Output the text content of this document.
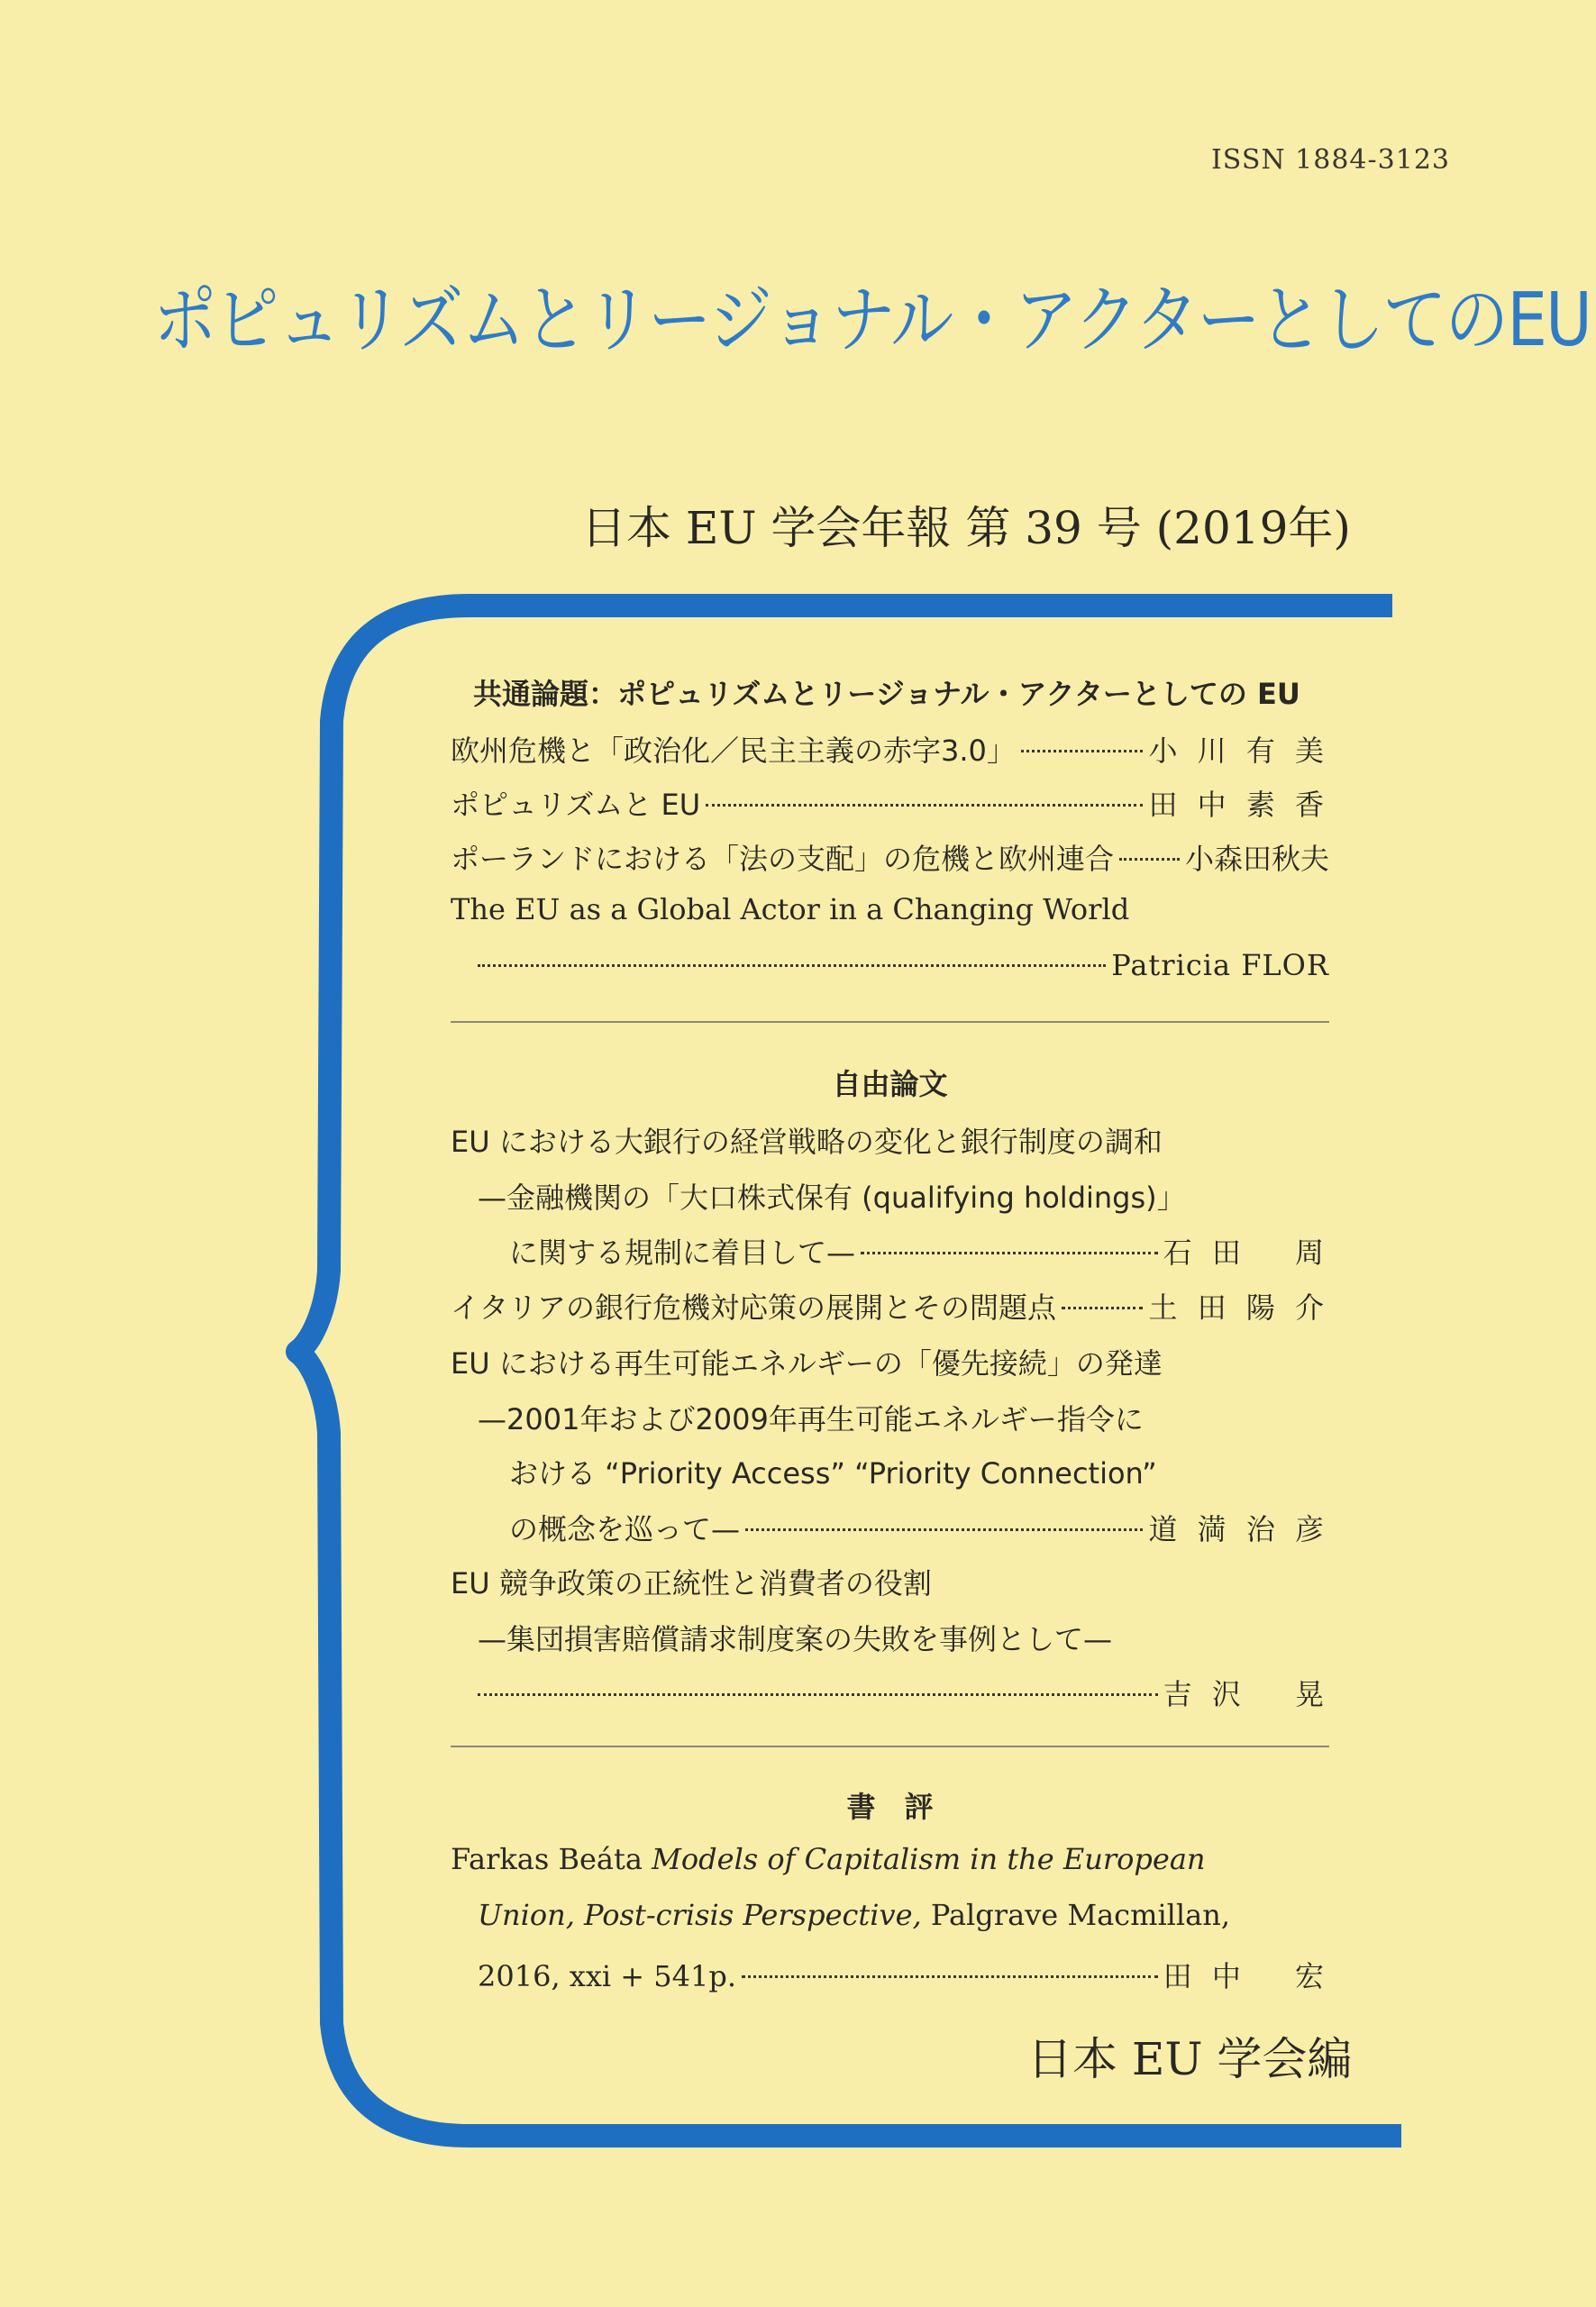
ISSN 1884-3123
ポピュリズムとリージョナル・アクターとしてのEU
日本 EU 学会年報 第 39 号 (2019年)
共通論題：ポピュリズムとリージョナル・アクターとしての EU
欧州危機と「政治化／民主主義の赤字3.0」	小 川 有 美
ポピュリズムと EU	田 中 素 香
ポーランドにおける「法の支配」の危機と欧州連合 小森田秋夫
The EU as a Global Actor in a Changing World
Patricia FLOR
自由論文
EU における大銀行の経営戦略の変化と銀行制度の調和
—金融機関の「大口株式保有 (qualifying holdings)」
に関する規制に着目して—	石 田　 周
イタリアの銀行危機対応策の展開とその問題点	土 田 陽 介
EU における再生可能エネルギーの「優先接続」の発達
—2001年および2009年再生可能エネルギー指令に
おける “Priority Access” “Priority Connection”
の概念を巡って—	道 満 治 彦
EU 競争政策の正統性と消費者の役割
—集団損害賠償請求制度案の失敗を事例として—
吉 沢　 晃
書　評
Farkas Beáta Models of Capitalism in the European
Union, Post-crisis Perspective, Palgrave Macmillan,
2016, xxi + 541p.	田 中　 宏
日本 EU 学会編
